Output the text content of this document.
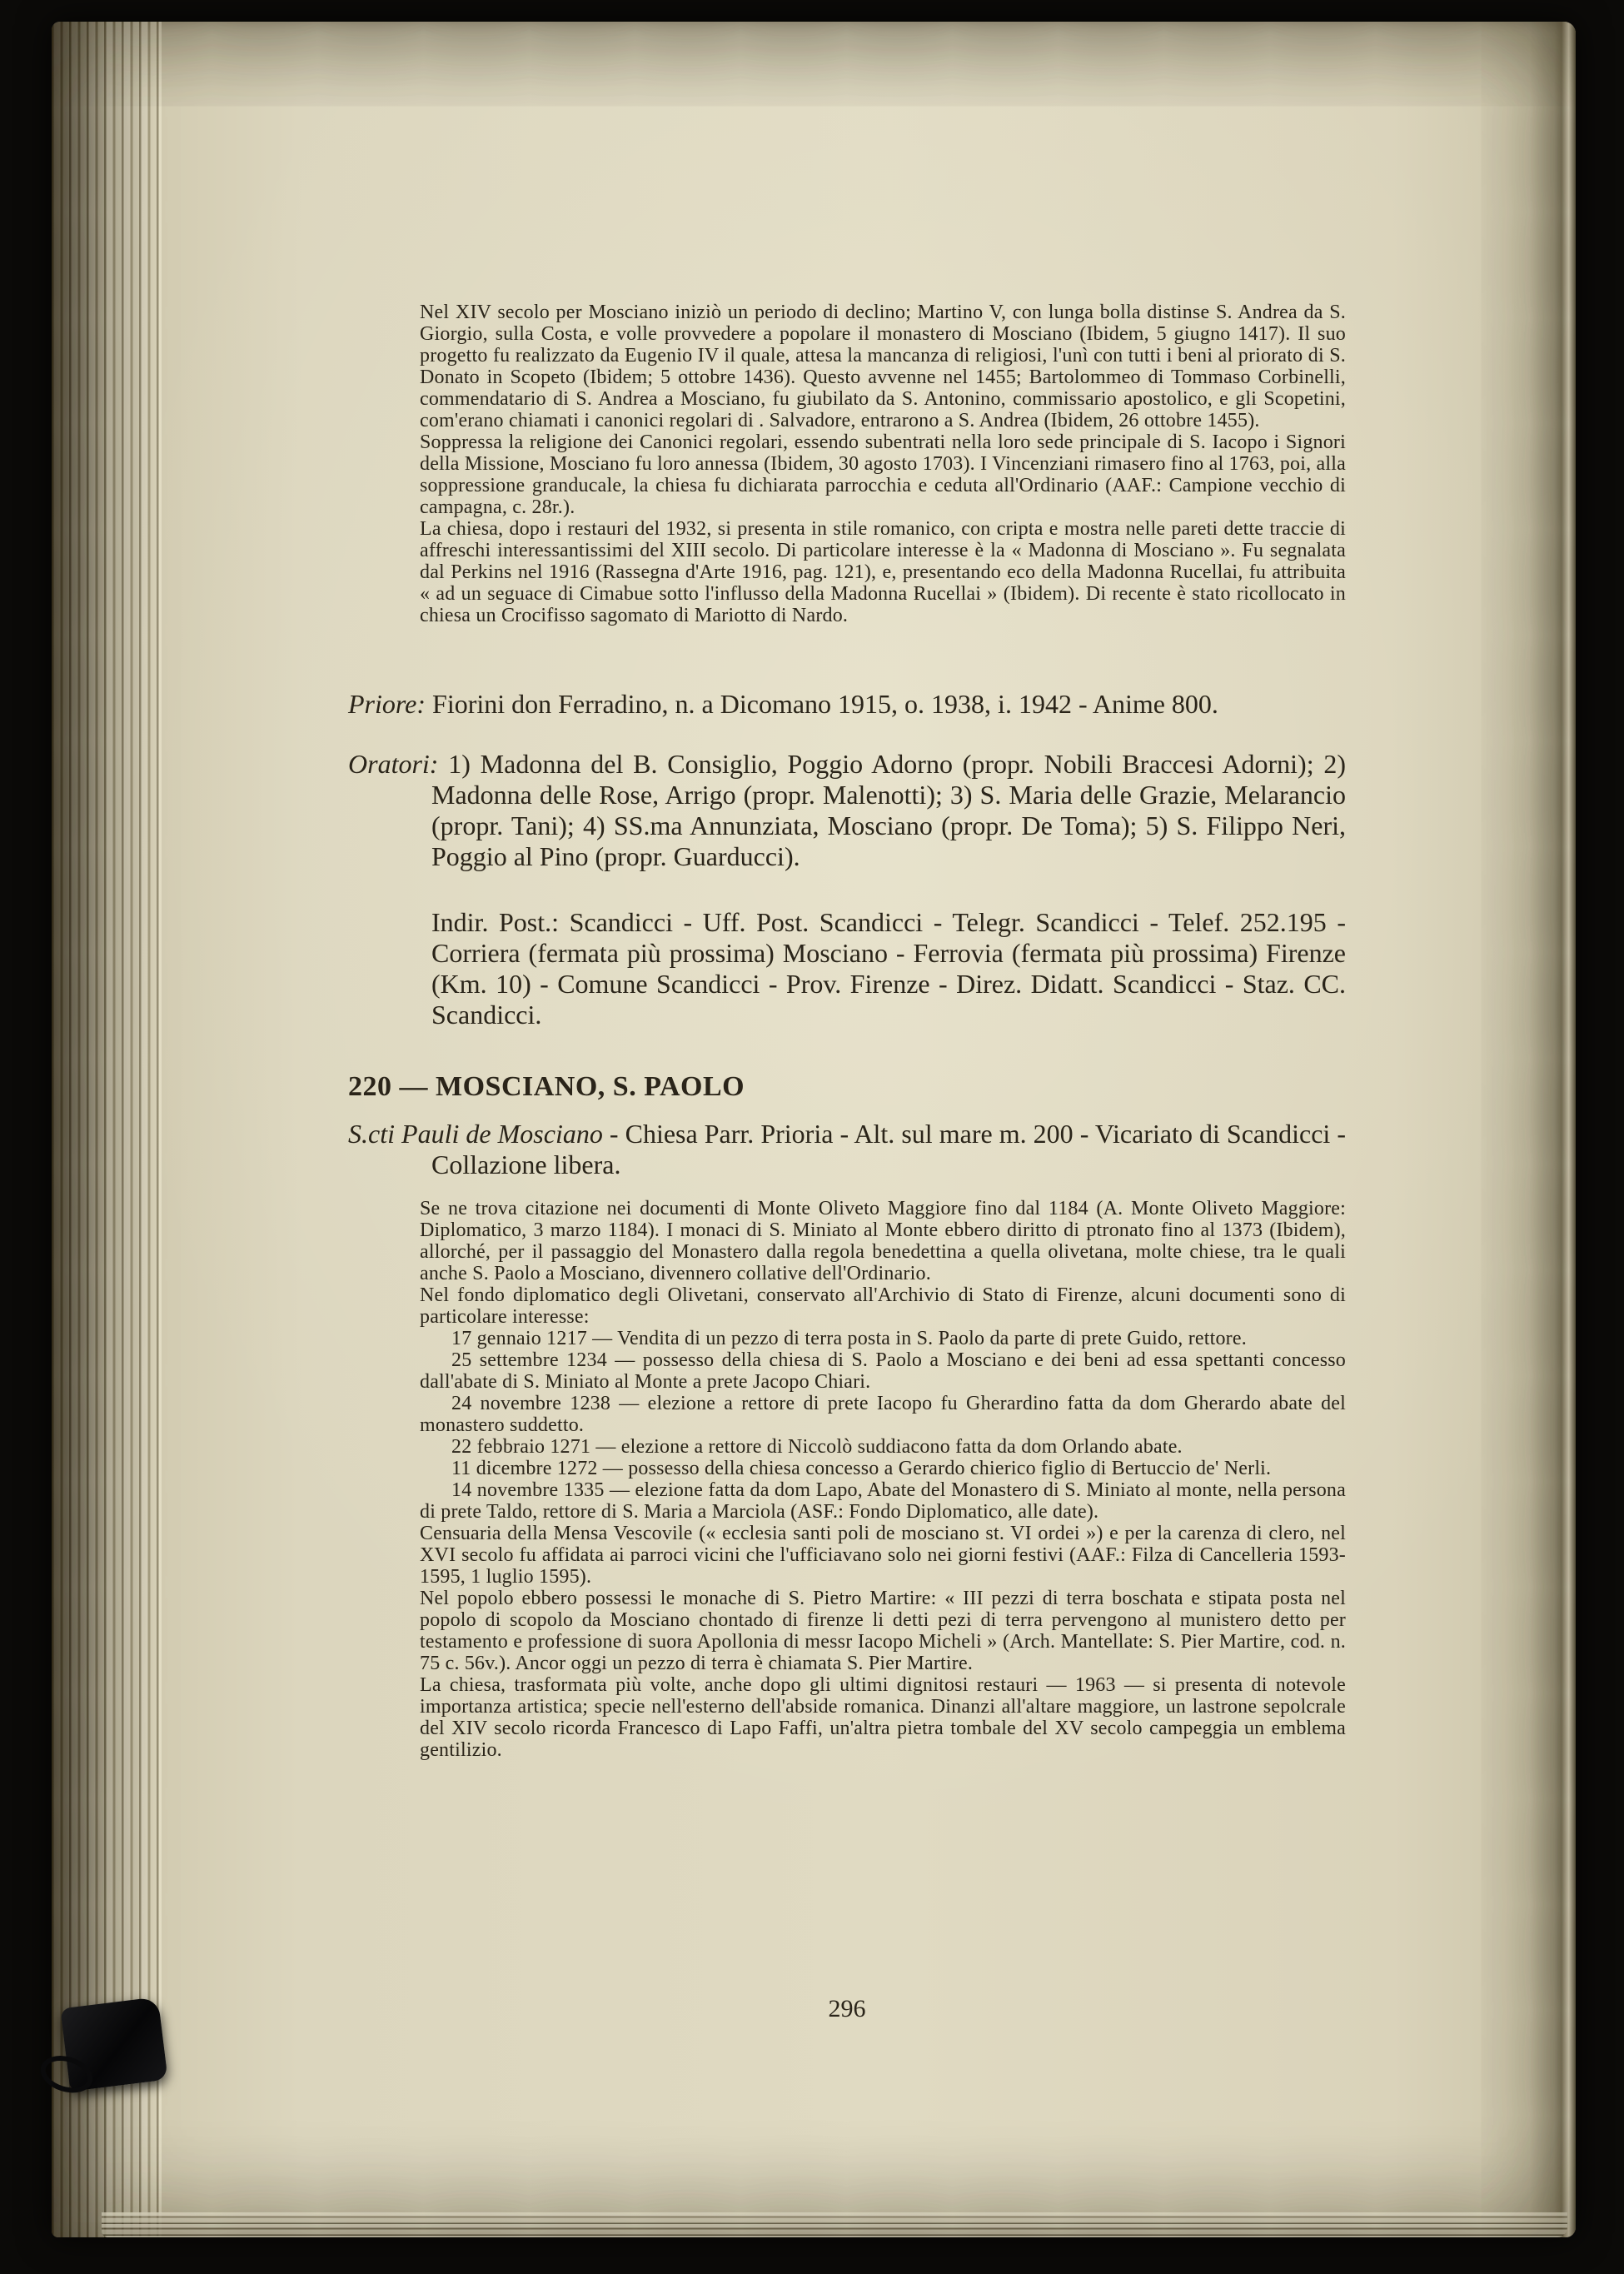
Nel XIV secolo per Mosciano iniziò un periodo di declino; Martino V, con lunga bolla distinse S. Andrea da S. Giorgio, sulla Costa, e volle provvedere a popolare il monastero di Mosciano (Ibidem, 5 giugno 1417). Il suo progetto fu realizzato da Eugenio IV il quale, attesa la mancanza di religiosi, l'unì con tutti i beni al priorato di S. Donato in Scopeto (Ibidem; 5 ottobre 1436). Questo avvenne nel 1455; Bartolommeo di Tommaso Corbinelli, commendatario di S. Andrea a Mosciano, fu giubilato da S. Antonino, commissario apostolico, e gli Scopetini, com'erano chiamati i canonici regolari di . Salvadore, entrarono a S. Andrea (Ibidem, 26 ottobre 1455).

Soppressa la religione dei Canonici regolari, essendo subentrati nella loro sede principale di S. Iacopo i Signori della Missione, Mosciano fu loro annessa (Ibidem, 30 agosto 1703). I Vincenziani rimasero fino al 1763, poi, alla soppressione granducale, la chiesa fu dichiarata parrocchia e ceduta all'Ordinario (AAF.: Campione vecchio di campagna, c. 28r.).

La chiesa, dopo i restauri del 1932, si presenta in stile romanico, con cripta e mostra nelle pareti dette traccie di affreschi interessantissimi del XIII secolo. Di particolare interesse è la « Madonna di Mosciano ». Fu segnalata dal Perkins nel 1916 (Rassegna d'Arte 1916, pag. 121), e, presentando eco della Madonna Rucellai, fu attribuita « ad un seguace di Cimabue sotto l'influsso della Madonna Rucellai » (Ibidem). Di recente è stato ricollocato in chiesa un Crocifisso sagomato di Mariotto di Nardo.

Priore: Fiorini don Ferradino, n. a Dicomano 1915, o. 1938, i. 1942 - Anime 800.
Oratori: 1) Madonna del B. Consiglio, Poggio Adorno (propr. Nobili Braccesi Adorni); 2) Madonna delle Rose, Arrigo (propr. Malenotti); 3) S. Maria delle Grazie, Melarancio (propr. Tani); 4) SS.ma Annunziata, Mosciano (propr. De Toma); 5) S. Filippo Neri, Poggio al Pino (propr. Guarducci).
Indir. Post.: Scandicci - Uff. Post. Scandicci - Telegr. Scandicci - Telef. 252.195 - Corriera (fermata più prossima) Mosciano - Ferrovia (fermata più prossima) Firenze (Km. 10) - Comune Scandicci - Prov. Firenze - Direz. Didatt. Scandicci - Staz. CC. Scandicci.
220 — MOSCIANO, S. PAOLO
S.cti Pauli de Mosciano - Chiesa Parr. Prioria - Alt. sul mare m. 200 - Vicariato di Scandicci - Collazione libera.

Se ne trova citazione nei documenti di Monte Oliveto Maggiore fino dal 1184 (A. Monte Oliveto Maggiore: Diplomatico, 3 marzo 1184). I monaci di S. Miniato al Monte ebbero diritto di ptronato fino al 1373 (Ibidem), allorché, per il passaggio del Monastero dalla regola benedettina a quella olivetana, molte chiese, tra le quali anche S. Paolo a Mosciano, divennero collative dell'Ordinario.

Nel fondo diplomatico degli Olivetani, conservato all'Archivio di Stato di Firenze, alcuni documenti sono di particolare interesse:

17 gennaio 1217 — Vendita di un pezzo di terra posta in S. Paolo da parte di prete Guido, rettore.

25 settembre 1234 — possesso della chiesa di S. Paolo a Mosciano e dei beni ad essa spettanti concesso dall'abate di S. Miniato al Monte a prete Jacopo Chiari.

24 novembre 1238 — elezione a rettore di prete Iacopo fu Gherardino fatta da dom Gherardo abate del monastero suddetto.

22 febbraio 1271 — elezione a rettore di Niccolò suddiacono fatta da dom Orlando abate.

11 dicembre 1272 — possesso della chiesa concesso a Gerardo chierico figlio di Bertuccio de' Nerli.

14 novembre 1335 — elezione fatta da dom Lapo, Abate del Monastero di S. Miniato al monte, nella persona di prete Taldo, rettore di S. Maria a Marciola (ASF.: Fondo Diplomatico, alle date).

Censuaria della Mensa Vescovile (« ecclesia santi poli de mosciano st. VI ordei ») e per la carenza di clero, nel XVI secolo fu affidata ai parroci vicini che l'ufficiavano solo nei giorni festivi (AAF.: Filza di Cancelleria 1593-1595, 1 luglio 1595).

Nel popolo ebbero possessi le monache di S. Pietro Martire: « III pezzi di terra boschata e stipata posta nel popolo di scopolo da Mosciano chontado di firenze li detti pezi di terra pervengono al munistero detto per testamento e professione di suora Apollonia di messr Iacopo Micheli » (Arch. Mantellate: S. Pier Martire, cod. n. 75 c. 56v.). Ancor oggi un pezzo di terra è chiamata S. Pier Martire.

La chiesa, trasformata più volte, anche dopo gli ultimi dignitosi restauri — 1963 — si presenta di notevole importanza artistica; specie nell'esterno dell'abside romanica. Dinanzi all'altare maggiore, un lastrone sepolcrale del XIV secolo ricorda Francesco di Lapo Faffi, un'altra pietra tombale del XV secolo campeggia un emblema gentilizio.

296
